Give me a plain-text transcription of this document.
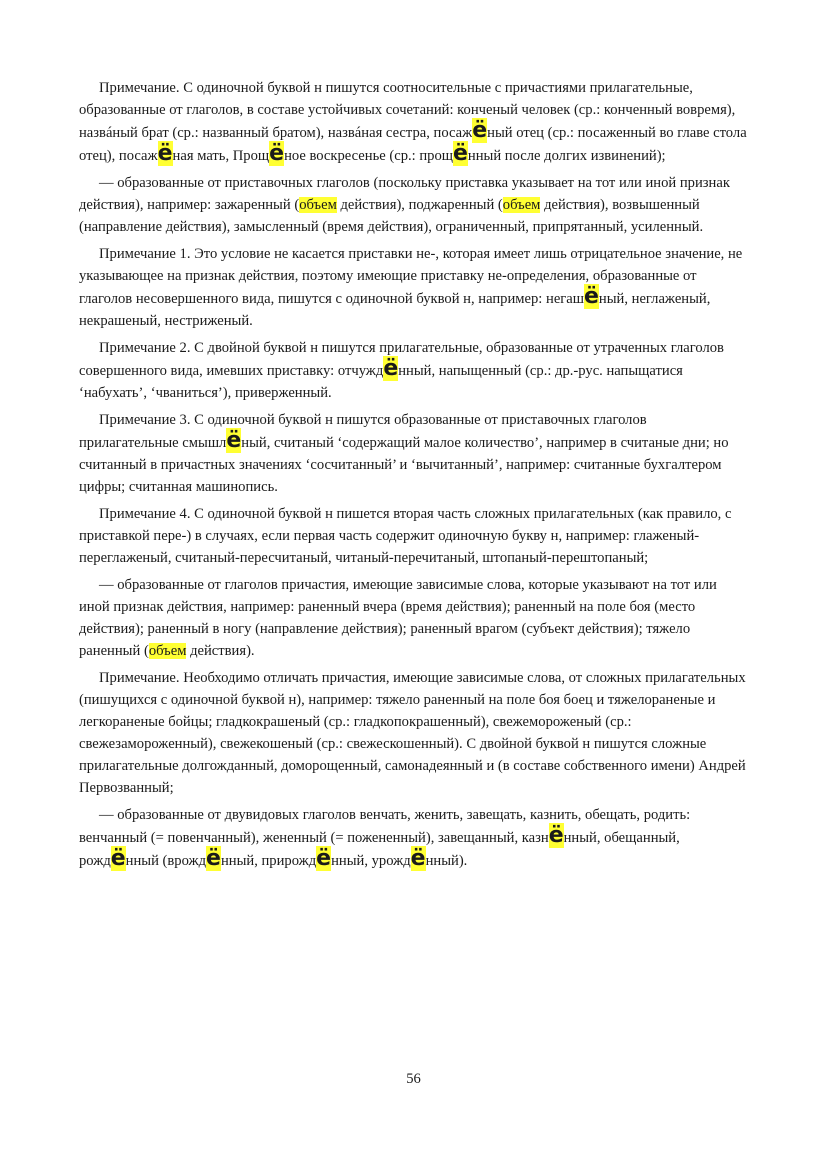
Примечание. С одиночной буквой н пишутся соотносительные с причастиями прилагательные, образованные от глаголов, в составе устойчивых сочетаний: конченый человек (ср.: конченный вовремя), нaзвáный брат (ср.: названный братом), нaзвáная сестра, посажёный отец (ср.: посаженный во главе стола отец), посажёная мать, Прощёное воскресенье (ср.: прощённый после долгих извинений);

— образованные от приставочных глаголов (поскольку приставка указывает на тот или иной признак действия), например: зажаренный (объем действия), поджаренный (объем действия), возвышенный (направление действия), замысленный (время действия), ограниченный, припрятанный, усиленный.

Примечание 1. Это условие не касается приставки не-, которая имеет лишь отрицательное значение, не указывающее на признак действия, поэтому имеющие приставку не-определения, образованные от глаголов несовершенного вида, пишутся с одиночной буквой н, например: негашёный, неглаженый, некрашеный, нестриженый.

Примечание 2. С двойной буквой н пишутся прилагательные, образованные от утраченных глаголов совершенного вида, имевших приставку: отчуждённый, напыщенный (ср.: др.-рус. напыщатися ‘набухать’, ‘чваниться’), приверженный.

Примечание 3. С одиночной буквой н пишутся образованные от приставочных глаголов прилагательные смышлёный, считаный ‘содержащий малое количество’, например в считаные дни; но считанный в причастных значениях ‘сосчитанный’ и ‘вычитанный’, например: считанные бухгалтером цифры; считанная машинопись.

Примечание 4. С одиночной буквой н пишется вторая часть сложных прилагательных (как правило, с приставкой пере-) в случаях, если первая часть содержит одиночную букву н, например: глаженый-переглаженый, считаный-пересчитаный, читаный-перечитаный, штопаный-перештопаный;

— образованные от глаголов причастия, имеющие зависимые слова, которые указывают на тот или иной признак действия, например: раненный вчера (время действия); раненный на поле боя (место действия); раненный в ногу (направление действия); раненный врагом (субъект действия); тяжело раненный (объем действия).

Примечание. Необходимо отличать причастия, имеющие зависимые слова, от сложных прилагательных (пишущихся с одиночной буквой н), например: тяжело раненный на поле боя боец и тяжелораненые и легкораненые бойцы; гладкокрашеный (ср.: гладкопокрашенный), свежемороженый (ср.: свежезамороженный), свежекошеный (ср.: свежескошенный). С двойной буквой н пишутся сложные прилагательные долгожданный, доморощенный, самонадеянный и (в составе собственного имени) Андрей Первозванный;

— образованные от двувидовых глаголов венчать, женить, завещать, казнить, обещать, родить: венчанный (= повенчанный), женeнный (= поженeнный), завещанный, казнённый, обещанный, рождённый (врождённый, прирождённый, урождённый).

56
